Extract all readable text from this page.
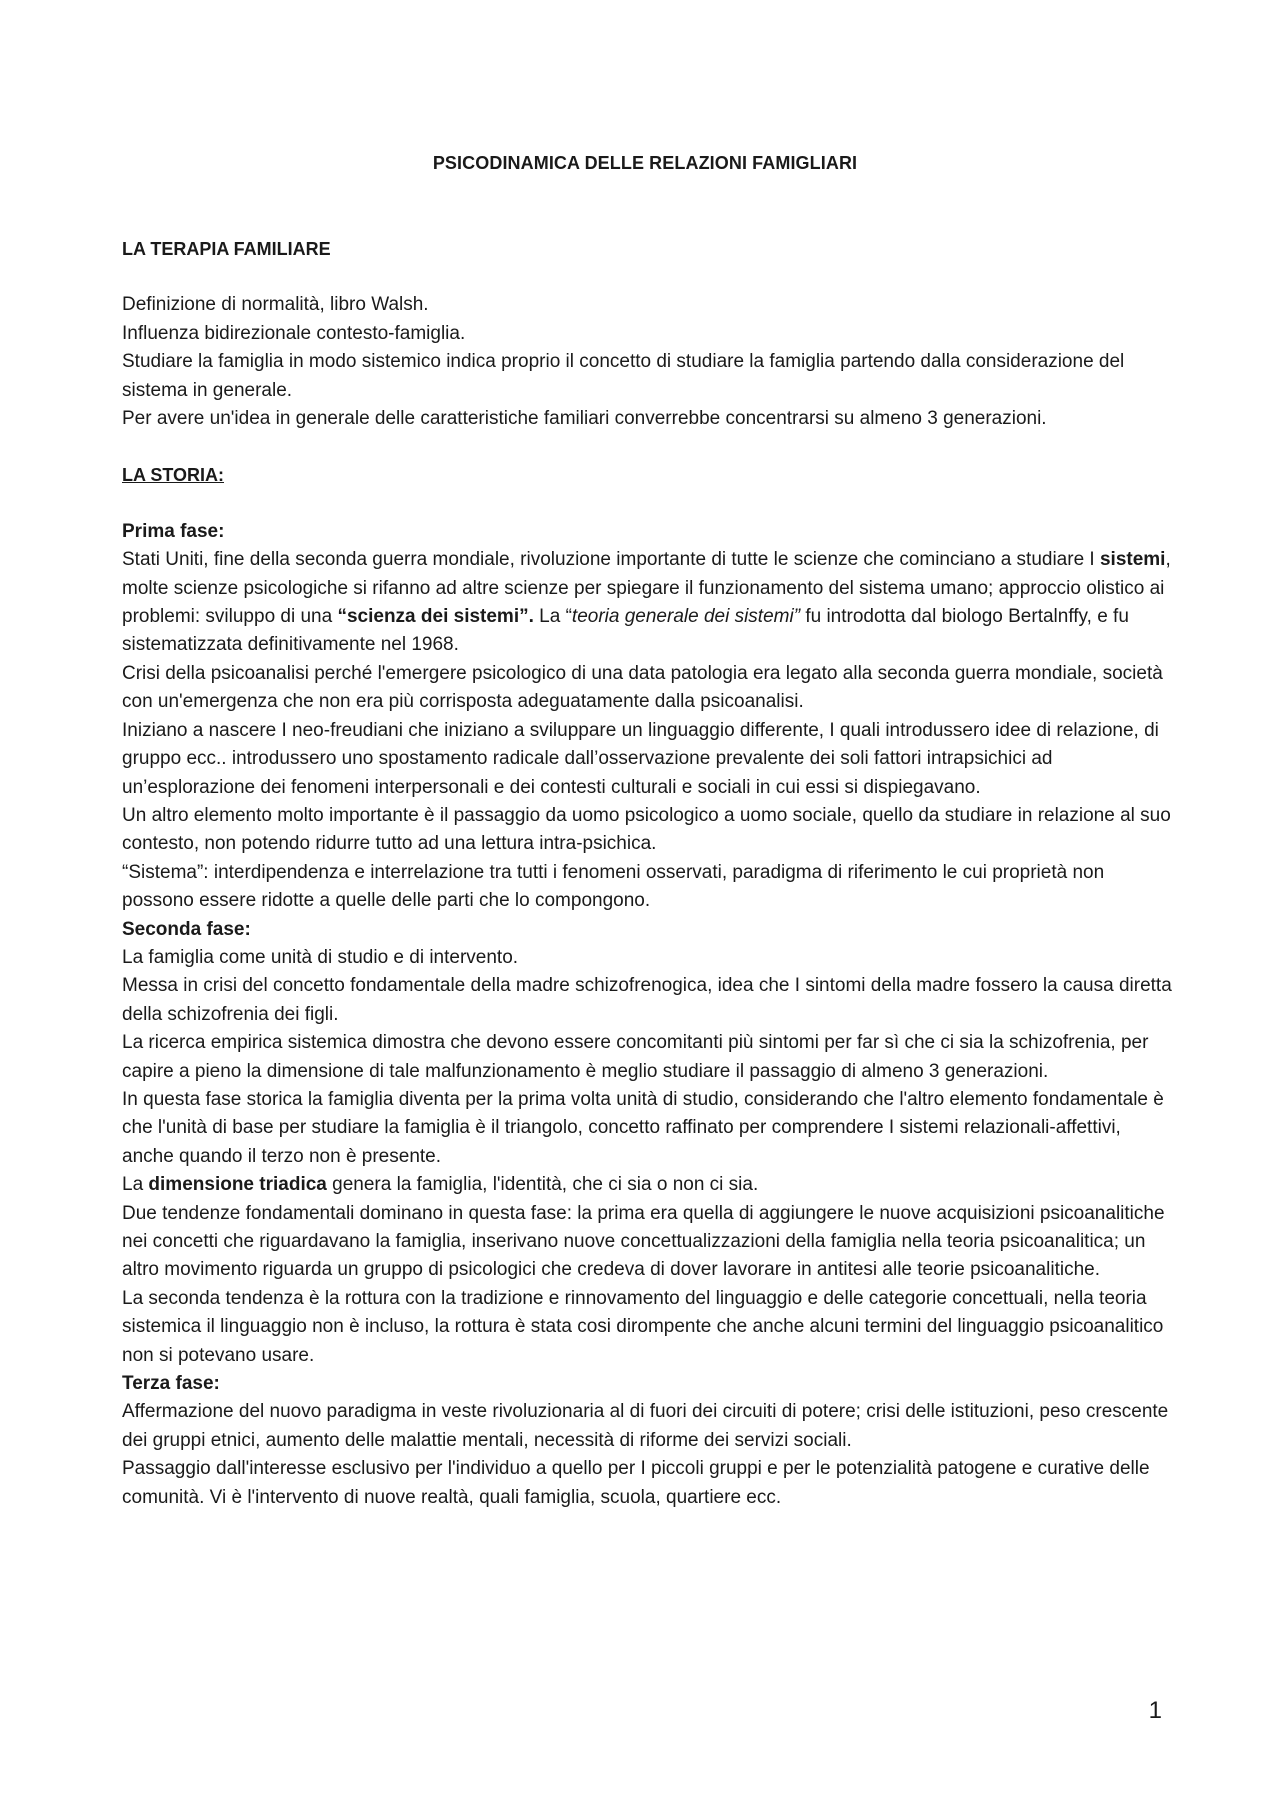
PSICODINAMICA DELLE RELAZIONI FAMIGLIARI

LA TERAPIA FAMILIARE

Definizione di normalità, libro Walsh.

Influenza bidirezionale contesto-famiglia.

Studiare la famiglia in modo sistemico indica proprio il concetto di studiare la famiglia partendo dalla considerazione del sistema in generale.

Per avere un'idea in generale delle caratteristiche familiari converrebbe concentrarsi su almeno 3 generazioni.

LA STORIA:

Prima fase:

Stati Uniti, fine della seconda guerra mondiale, rivoluzione importante di tutte le scienze che cominciano a studiare I sistemi, molte scienze psicologiche si rifanno ad altre scienze per spiegare il funzionamento del sistema umano; approccio olistico ai problemi: sviluppo di una “scienza dei sistemi”. La “teoria generale dei sistemi” fu introdotta dal biologo Bertalnffy, e fu sistematizzata definitivamente nel 1968.

Crisi della psicoanalisi perché l'emergere psicologico di una data patologia era legato alla seconda guerra mondiale, società con un'emergenza che non era più corrisposta adeguatamente dalla psicoanalisi.

Iniziano a nascere I neo-freudiani che iniziano a sviluppare un linguaggio differente, I quali introdussero idee di relazione, di gruppo ecc.. introdussero uno spostamento radicale dall’osservazione prevalente dei soli fattori intrapsichici ad un’esplorazione dei fenomeni interpersonali e dei contesti culturali e sociali in cui essi si dispiegavano.

Un altro elemento molto importante è il passaggio da uomo psicologico a uomo sociale, quello da studiare in relazione al suo contesto, non potendo ridurre tutto ad una lettura intra-psichica.

“Sistema”: interdipendenza e interrelazione tra tutti i fenomeni osservati, paradigma di riferimento le cui proprietà non possono essere ridotte a quelle delle parti che lo compongono.

Seconda fase:

La famiglia come unità di studio e di intervento.

Messa in crisi del concetto fondamentale della madre schizofrenogica, idea che I sintomi della madre fossero la causa diretta della schizofrenia dei figli.

La ricerca empirica sistemica dimostra che devono essere concomitanti più sintomi per far sì che ci sia la schizofrenia, per capire a pieno la dimensione di tale malfunzionamento è meglio studiare il passaggio di almeno 3 generazioni.

In questa fase storica la famiglia diventa per la prima volta unità di studio, considerando che l'altro elemento fondamentale è che l'unità di base per studiare la famiglia è il triangolo, concetto raffinato per comprendere I sistemi relazionali-affettivi, anche quando il terzo non è presente.

La dimensione triadica genera la famiglia, l'identità, che ci sia o non ci sia.

Due tendenze fondamentali dominano in questa fase: la prima era quella di aggiungere le nuove acquisizioni psicoanalitiche nei concetti che riguardavano la famiglia, inserivano nuove concettualizzazioni della famiglia nella teoria psicoanalitica; un altro movimento riguarda un gruppo di psicologici che credeva di dover lavorare in antitesi alle teorie psicoanalitiche.

La seconda tendenza è la rottura con la tradizione e rinnovamento del linguaggio e delle categorie concettuali, nella teoria sistemica il linguaggio non è incluso, la rottura è stata cosi dirompente che anche alcuni termini del linguaggio psicoanalitico non si potevano usare.

Terza fase:

Affermazione del nuovo paradigma in veste rivoluzionaria al di fuori dei circuiti di potere; crisi delle istituzioni, peso crescente dei gruppi etnici, aumento delle malattie mentali, necessità di riforme dei servizi sociali.

Passaggio dall'interesse esclusivo per l'individuo a quello per I piccoli gruppi e per le potenzialità patogene e curative delle comunità. Vi è l'intervento di nuove realtà, quali famiglia, scuola, quartiere ecc.

1
